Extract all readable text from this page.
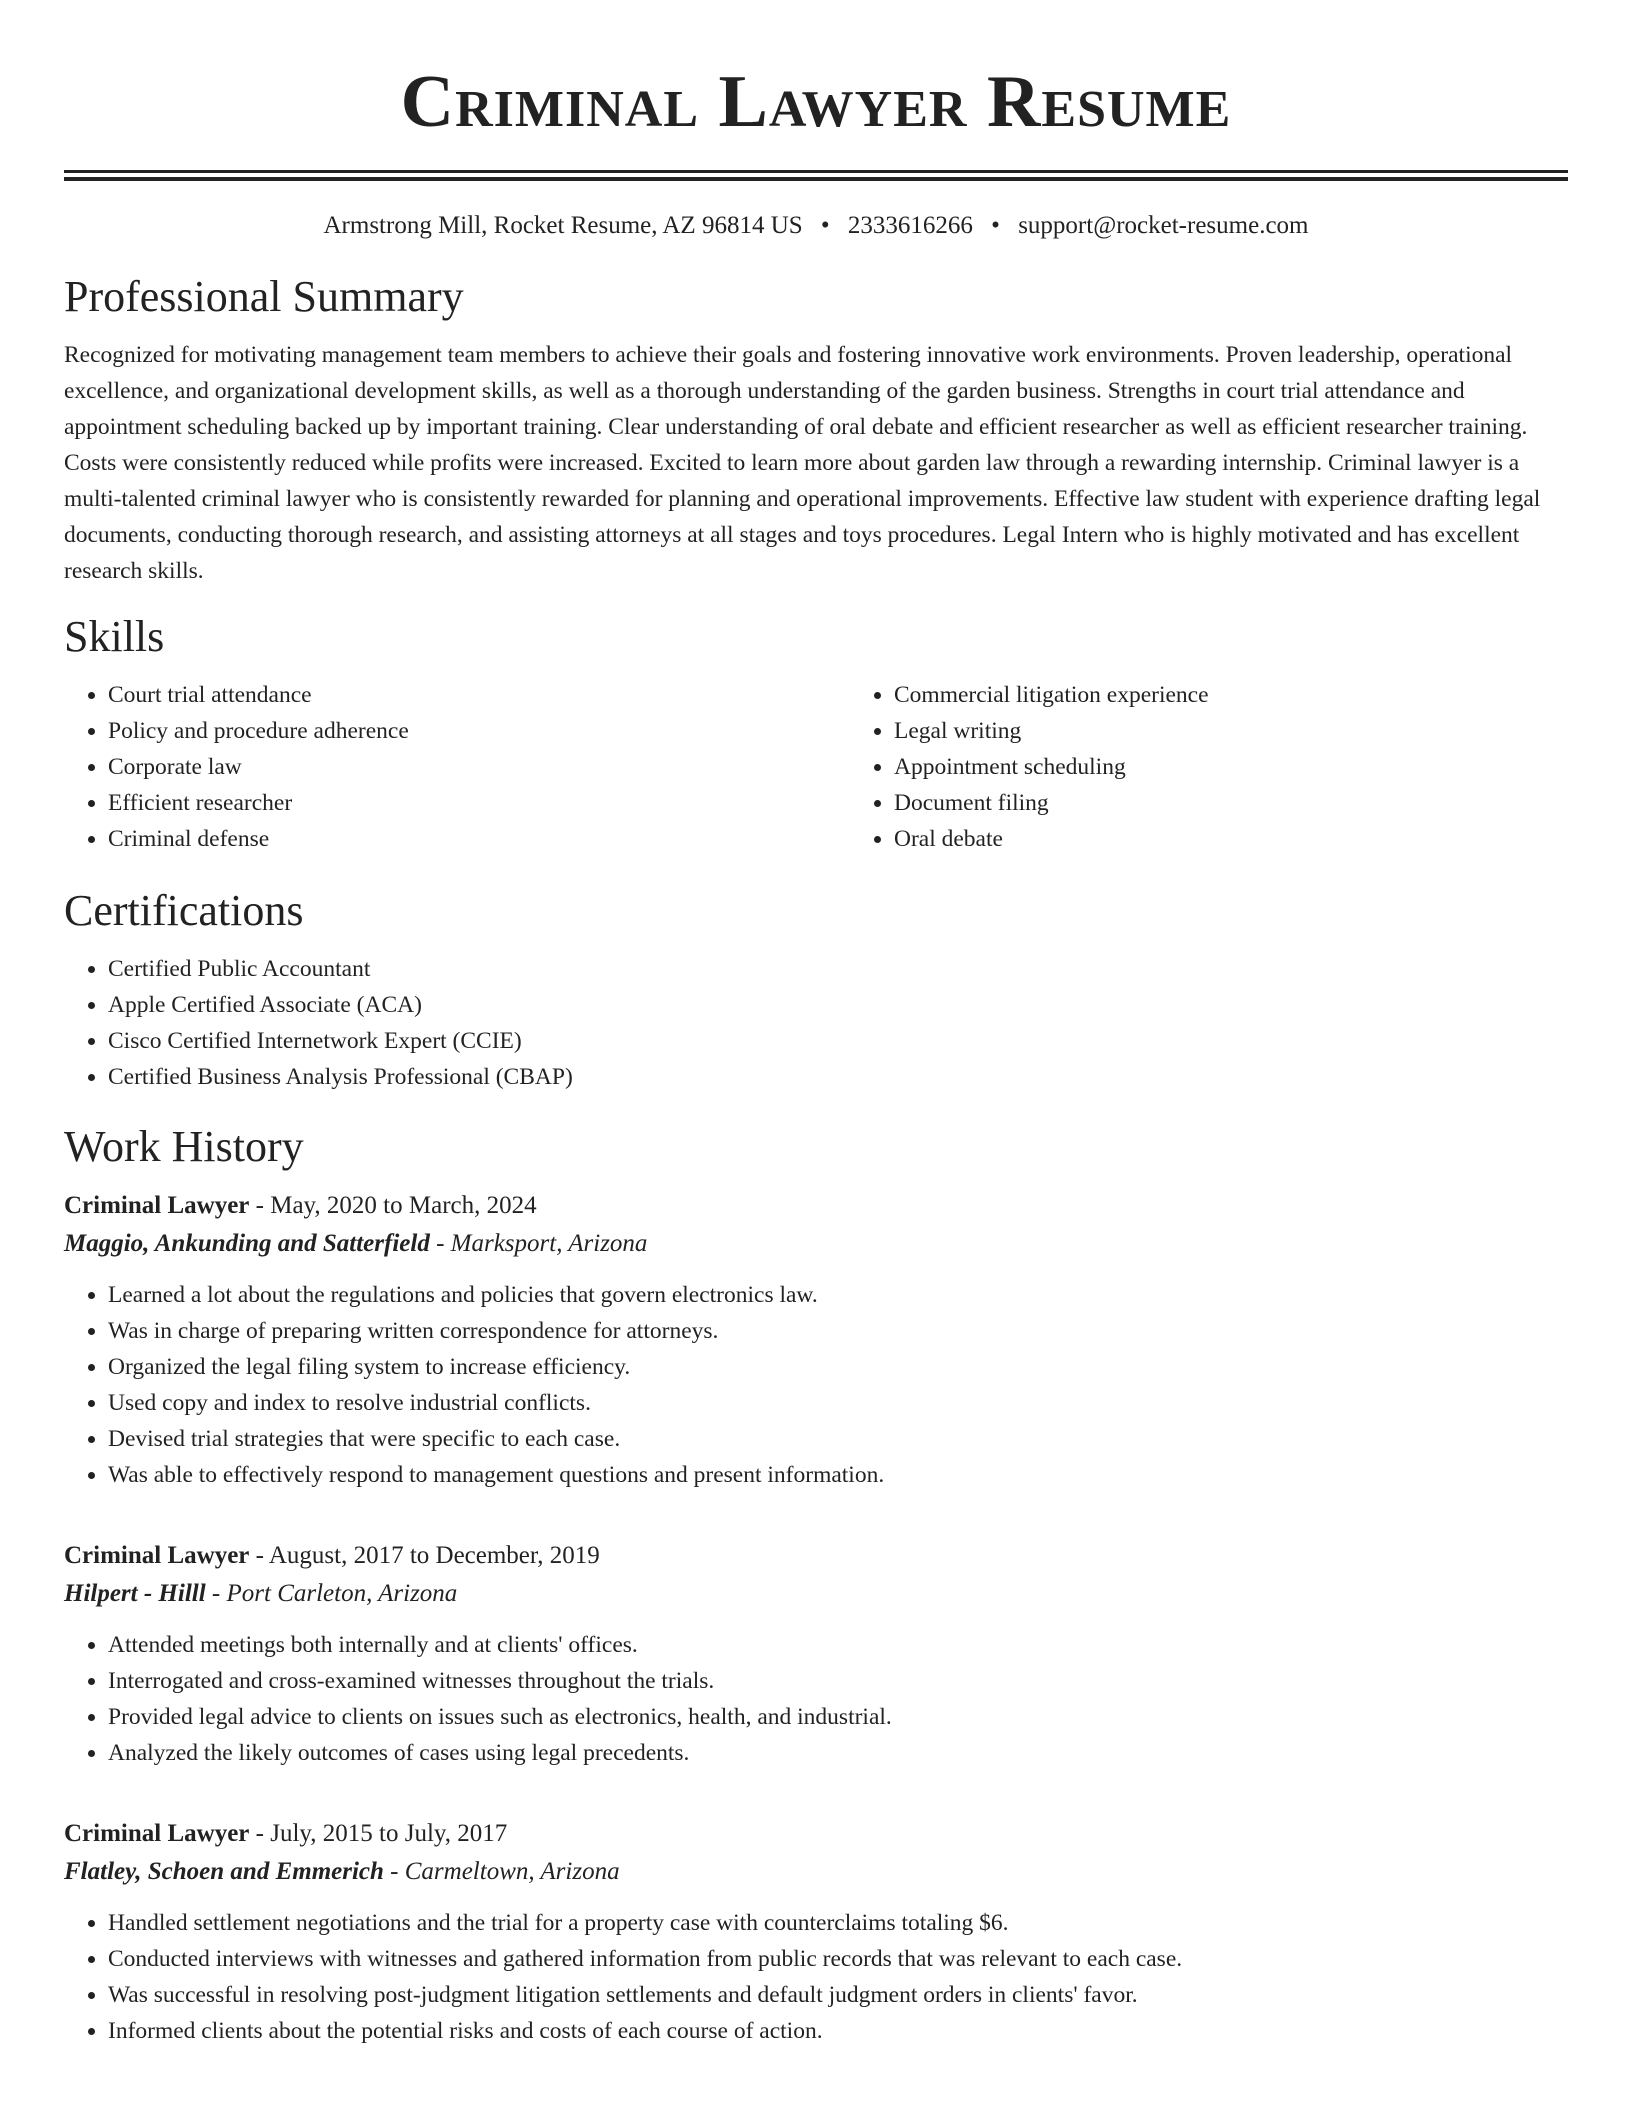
Criminal Lawyer Resume
Armstrong Mill, Rocket Resume, AZ 96814 US • 2333616266 • support@rocket-resume.com
Professional Summary

Recognized for motivating management team members to achieve their goals and fostering innovative work environments. Proven leadership, operational excellence, and organizational development skills, as well as a thorough understanding of the garden business. Strengths in court trial attendance and appointment scheduling backed up by important training. Clear understanding of oral debate and efficient researcher as well as efficient researcher training. Costs were consistently reduced while profits were increased. Excited to learn more about garden law through a rewarding internship. Criminal lawyer is a multi-talented criminal lawyer who is consistently rewarded for planning and operational improvements. Effective law student with experience drafting legal documents, conducting thorough research, and assisting attorneys at all stages and toys procedures. Legal Intern who is highly motivated and has excellent research skills.

Skills
• Court trial attendance
• Policy and procedure adherence
• Corporate law
• Efficient researcher
• Criminal defense
• Commercial litigation experience
• Legal writing
• Appointment scheduling
• Document filing
• Oral debate
Certifications
• Certified Public Accountant
• Apple Certified Associate (ACA)
• Cisco Certified Internetwork Expert (CCIE)
• Certified Business Analysis Professional (CBAP)
Work History
Criminal Lawyer - May, 2020 to March, 2024
Maggio, Ankunding and Satterfield - Marksport, Arizona
• Learned a lot about the regulations and policies that govern electronics law.
• Was in charge of preparing written correspondence for attorneys.
• Organized the legal filing system to increase efficiency.
• Used copy and index to resolve industrial conflicts.
• Devised trial strategies that were specific to each case.
• Was able to effectively respond to management questions and present information.
Criminal Lawyer - August, 2017 to December, 2019
Hilpert - Hilll - Port Carleton, Arizona
• Attended meetings both internally and at clients' offices.
• Interrogated and cross-examined witnesses throughout the trials.
• Provided legal advice to clients on issues such as electronics, health, and industrial.
• Analyzed the likely outcomes of cases using legal precedents.
Criminal Lawyer - July, 2015 to July, 2017
Flatley, Schoen and Emmerich - Carmeltown, Arizona
• Handled settlement negotiations and the trial for a property case with counterclaims totaling $6.
• Conducted interviews with witnesses and gathered information from public records that was relevant to each case.
• Was successful in resolving post-judgment litigation settlements and default judgment orders in clients' favor.
• Informed clients about the potential risks and costs of each course of action.
